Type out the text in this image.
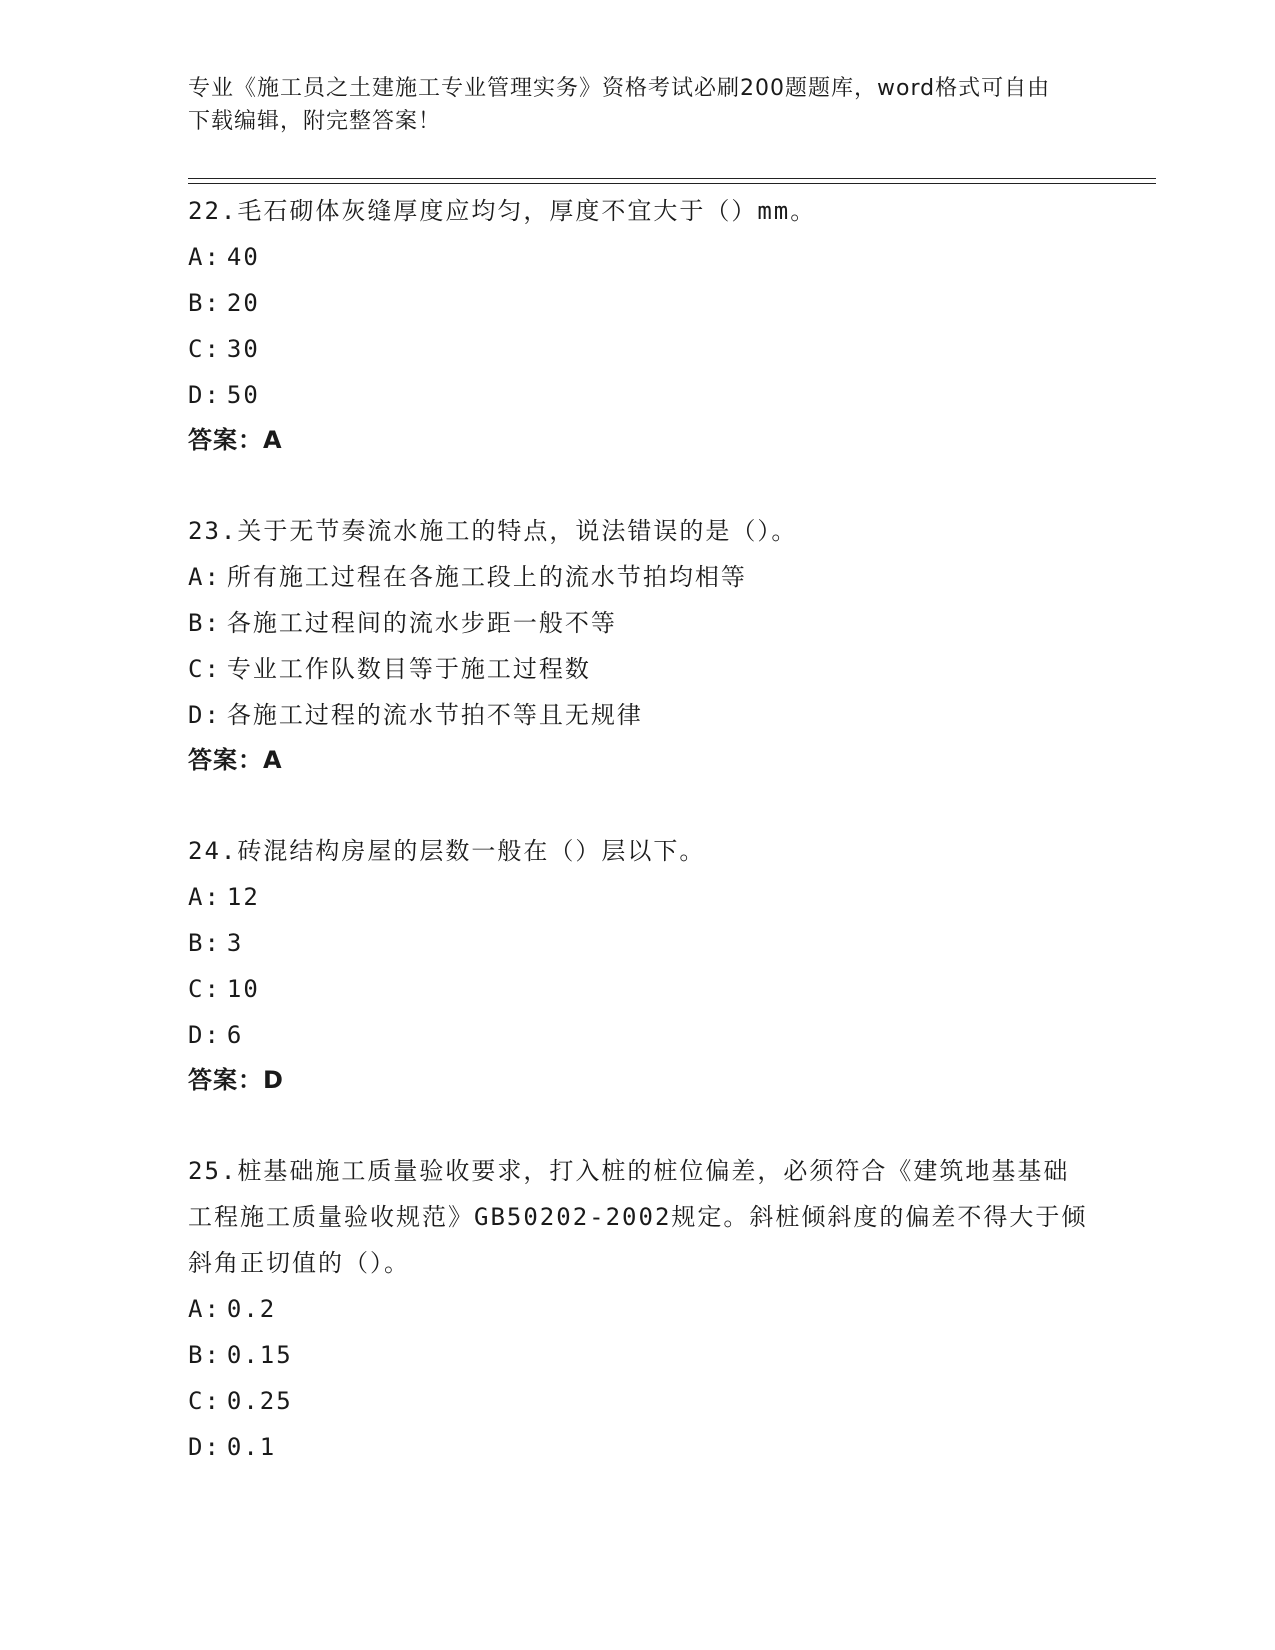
专业《施工员之土建施工专业管理实务》资格考试必刷200题题库，word格式可自由下载编辑，附完整答案！

22.毛石砌体灰缝厚度应均匀，厚度不宜大于（）mm。

A: 40
B: 20
C: 30
D: 50
答案：A

23.关于无节奏流水施工的特点，说法错误的是（）。

A: 所有施工过程在各施工段上的流水节拍均相等
B: 各施工过程间的流水步距一般不等
C: 专业工作队数目等于施工过程数
D: 各施工过程的流水节拍不等且无规律
答案：A

24.砖混结构房屋的层数一般在（）层以下。

A: 12
B: 3
C: 10
D: 6
答案：D

25.桩基础施工质量验收要求，打入桩的桩位偏差，必须符合《建筑地基基础工程施工质量验收规范》GB50202-2002规定。斜桩倾斜度的偏差不得大于倾斜角正切值的（）。

A: 0.2
B: 0.15
C: 0.25
D: 0.1
